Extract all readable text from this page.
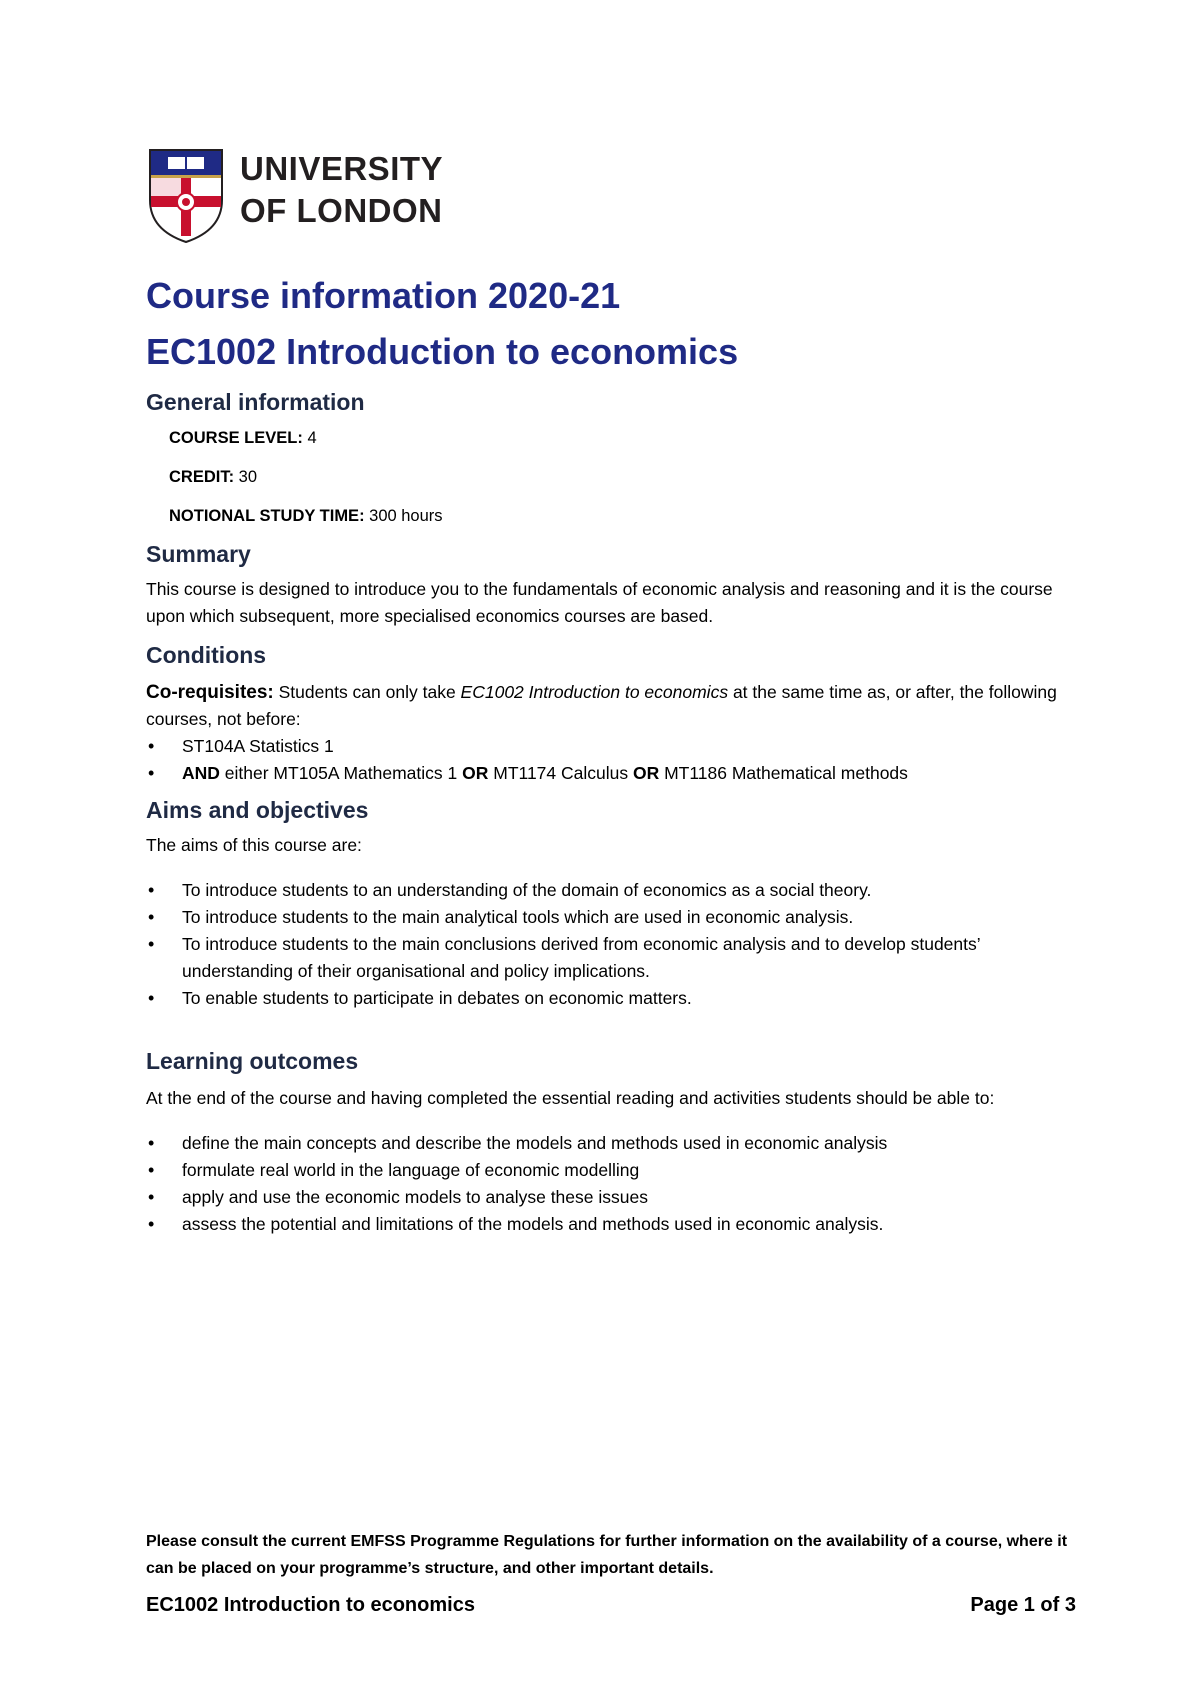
UNIVERSITY
OF LONDON
Course information 2020-21
EC1002 Introduction to economics
General information
COURSE LEVEL: 4
CREDIT: 30
NOTIONAL STUDY TIME: 300 hours
Summary

This course is designed to introduce you to the fundamentals of economic analysis and reasoning and it is the course upon which subsequent, more specialised economics courses are based.

Conditions

Co-requisites: Students can only take EC1002 Introduction to economics at the same time as, or after, the following courses, not before:

• ST104A Statistics 1
• AND either MT105A Mathematics 1 OR MT1174 Calculus OR MT1186 Mathematical methods
Aims and objectives

The aims of this course are:

• To introduce students to an understanding of the domain of economics as a social theory.
• To introduce students to the main analytical tools which are used in economic analysis.
• To introduce students to the main conclusions derived from economic analysis and to develop students’ understanding of their organisational and policy implications.
• To enable students to participate in debates on economic matters.
Learning outcomes

At the end of the course and having completed the essential reading and activities students should be able to:

• define the main concepts and describe the models and methods used in economic analysis
• formulate real world in the language of economic modelling
• apply and use the economic models to analyse these issues
• assess the potential and limitations of the models and methods used in economic analysis.
Please consult the current EMFSS Programme Regulations for further information on the availability of a course, where it can be placed on your programme’s structure, and other important details.
EC1002 Introduction to economics	Page 1 of 3
